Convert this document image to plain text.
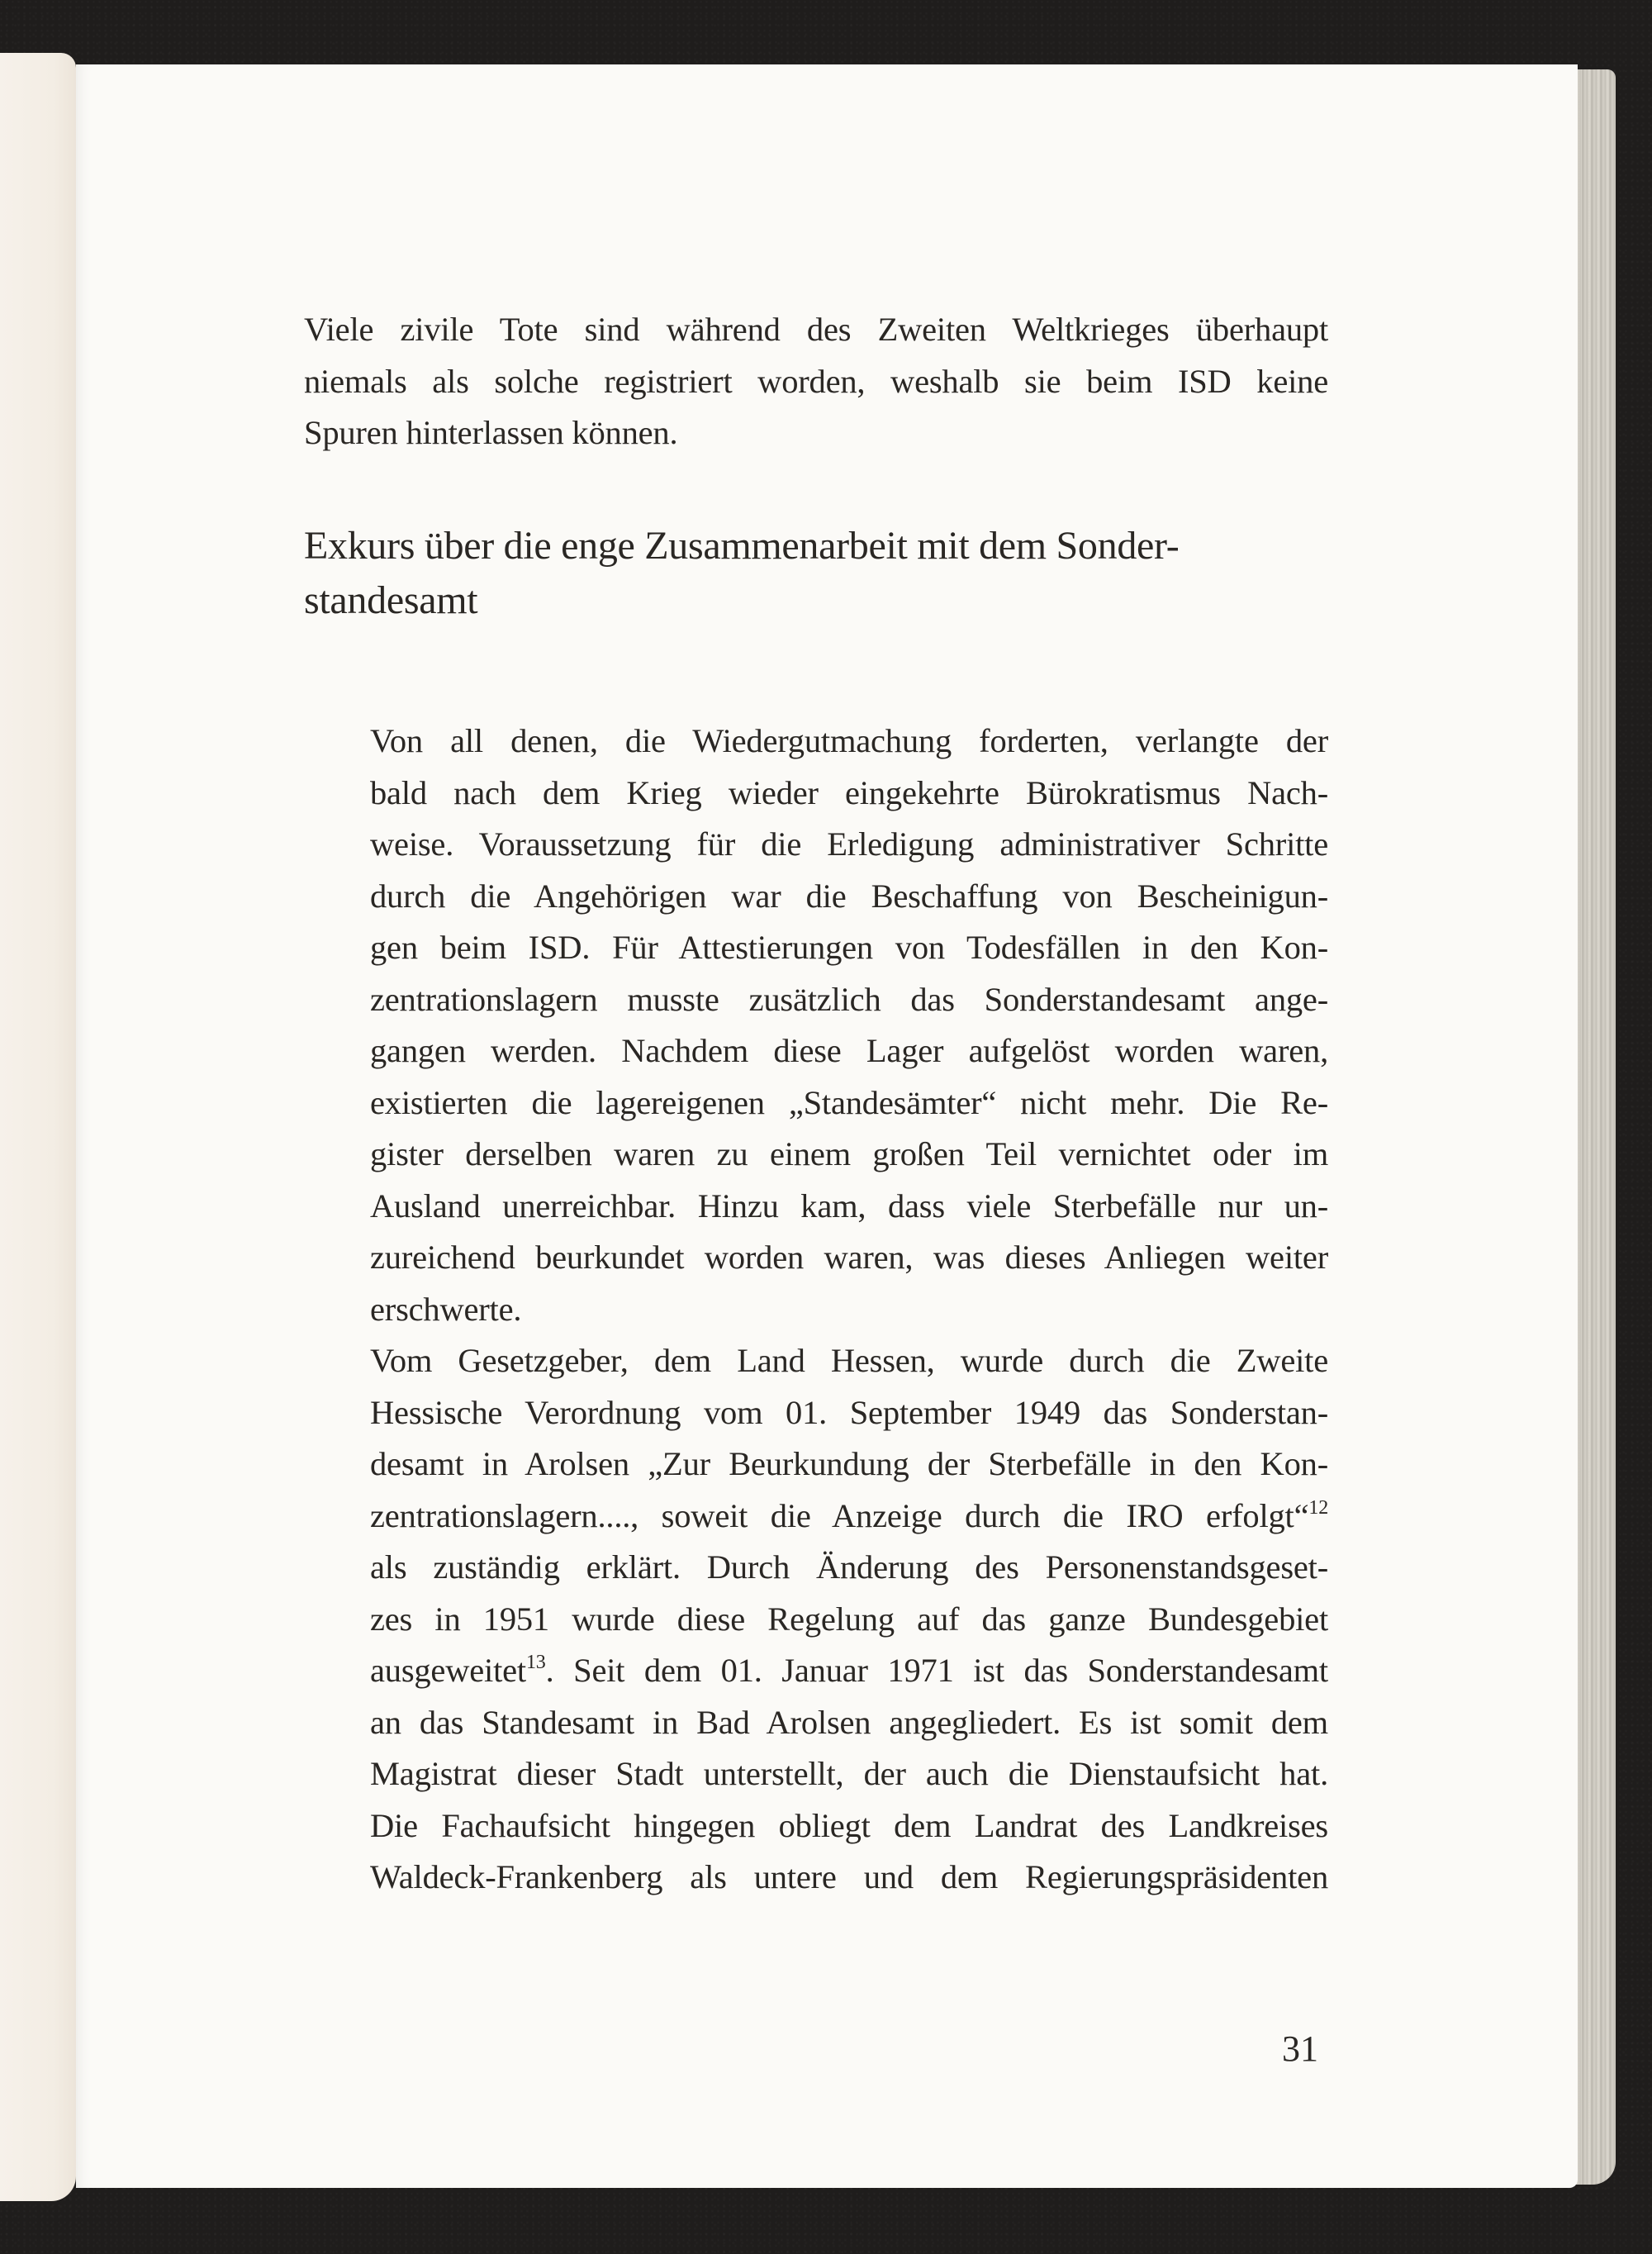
Viele zivile Tote sind während des Zweiten Weltkrieges überhaupt
niemals als solche registriert worden, weshalb sie beim ISD keine
Spuren hinterlassen können.
Exkurs über die enge Zusammenarbeit mit dem Sonder-
standesamt
Von all denen, die Wiedergutmachung forderten, verlangte der
bald nach dem Krieg wieder eingekehrte Bürokratismus Nach-
weise. Voraussetzung für die Erledigung administrativer Schritte
durch die Angehörigen war die Beschaffung von Bescheinigun-
gen beim ISD. Für Attestierungen von Todesfällen in den Kon-
zentrationslagern musste zusätzlich das Sonderstandesamt ange-
gangen werden. Nachdem diese Lager aufgelöst worden waren,
existierten die lagereigenen „Standesämter“ nicht mehr. Die Re-
gister derselben waren zu einem großen Teil vernichtet oder im
Ausland unerreichbar. Hinzu kam, dass viele Sterbefälle nur un-
zureichend beurkundet worden waren, was dieses Anliegen weiter
erschwerte.
Vom Gesetzgeber, dem Land Hessen, wurde durch die Zweite
Hessische Verordnung vom 01. September 1949 das Sonderstan-
desamt in Arolsen „Zur Beurkundung der Sterbefälle in den Kon-
zentrationslagern...., soweit die Anzeige durch die IRO erfolgt“$^{12}$
als zuständig erklärt. Durch Änderung des Personenstandsgeset-
zes in 1951 wurde diese Regelung auf das ganze Bundesgebiet
ausgeweitet$^{13}$. Seit dem 01. Januar 1971 ist das Sonderstandesamt
an das Standesamt in Bad Arolsen angegliedert. Es ist somit dem
Magistrat dieser Stadt unterstellt, der auch die Dienstaufsicht hat.
Die Fachaufsicht hingegen obliegt dem Landrat des Landkreises
Waldeck-Frankenberg als untere und dem Regierungspräsidenten
31
